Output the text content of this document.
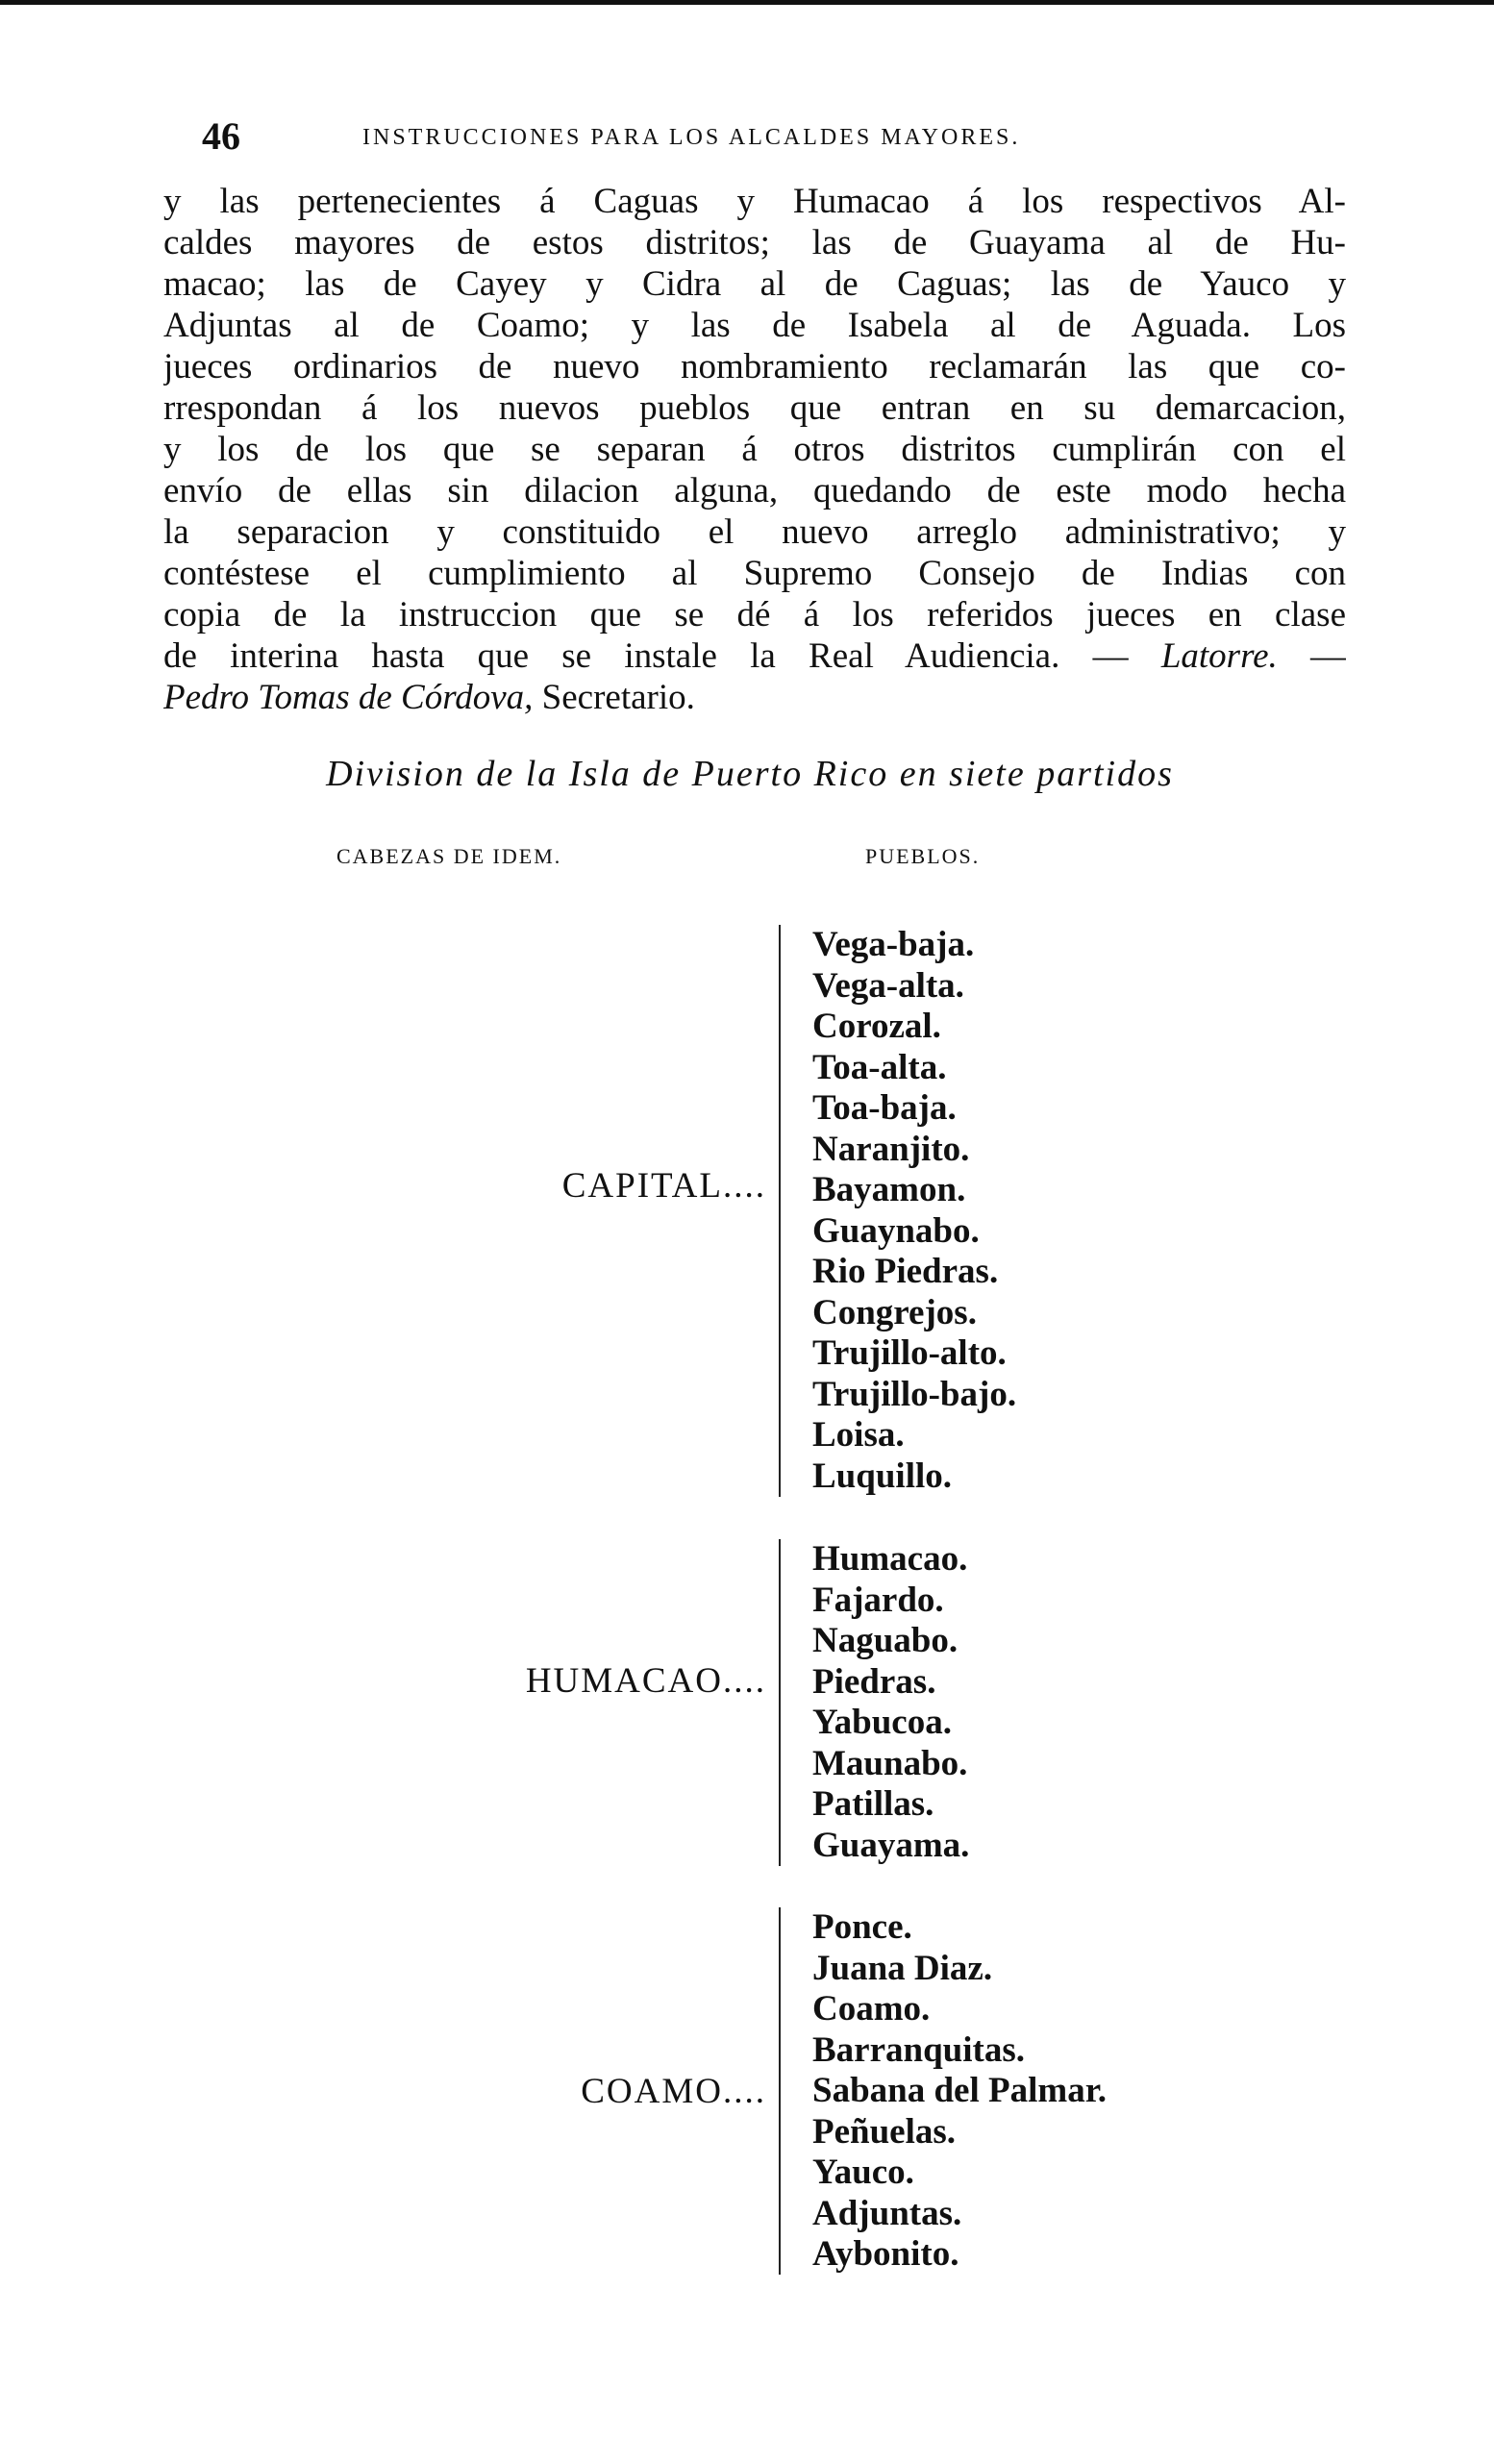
46	INSTRUCCIONES PARA LOS ALCALDES MAYORES.
y las pertenecientes á Caguas y Humacao á los respectivos Al-
caldes mayores de estos distritos; las de Guayama al de Hu-
macao; las de Cayey y Cidra al de Caguas; las de Yauco y
Adjuntas al de Coamo; y las de Isabela al de Aguada. Los
jueces ordinarios de nuevo nombramiento reclamarán las que co-
rrespondan á los nuevos pueblos que entran en su demarcacion,
y los de los que se separan á otros distritos cumplirán con el
envío de ellas sin dilacion alguna, quedando de este modo hecha
la separacion y constituido el nuevo arreglo administrativo; y
contéstese el cumplimiento al Supremo Consejo de Indias con
copia de la instruccion que se dé á los referidos jueces en clase
de interina hasta que se instale la Real Audiencia. — Latorre. —
Pedro Tomas de Córdova, Secretario.
Division de la Isla de Puerto Rico en siete partidos
CABEZAS DE IDEM.	PUEBLOS.
CAPITAL....
Vega-baja.
Vega-alta.
Corozal.
Toa-alta.
Toa-baja.
Naranjito.
Bayamon.
Guaynabo.
Rio Piedras.
Congrejos.
Trujillo-alto.
Trujillo-bajo.
Loisa.
Luquillo.
HUMACAO....
Humacao.
Fajardo.
Naguabo.
Piedras.
Yabucoa.
Maunabo.
Patillas.
Guayama.
COAMO....
Ponce.
Juana Diaz.
Coamo.
Barranquitas.
Sabana del Palmar.
Peñuelas.
Yauco.
Adjuntas.
Aybonito.
